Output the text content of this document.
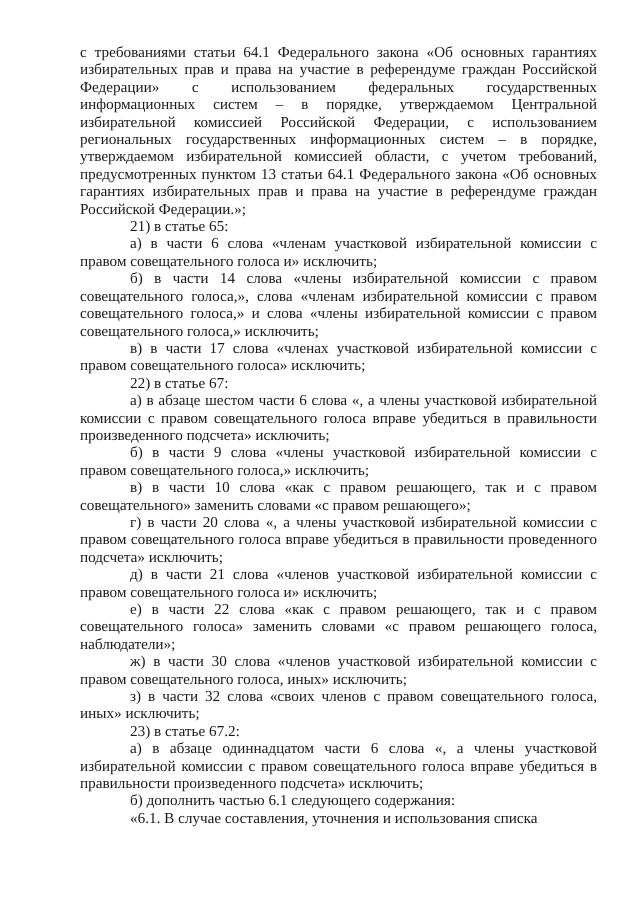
с требованиями статьи 64.1 Федерального закона «Об основных гарантиях избирательных прав и права на участие в референдуме граждан Российской Федерации» с использованием федеральных государственных информационных систем – в порядке, утверждаемом Центральной избирательной комиссией Российской Федерации, с использованием региональных государственных информационных систем – в порядке, утверждаемом избирательной комиссией области, с учетом требований, предусмотренных пунктом 13 статьи 64.1 Федерального закона «Об основных гарантиях избирательных прав и права на участие в референдуме граждан Российской Федерации.»;

21) в статье 65:

а) в части 6 слова «членам участковой избирательной комиссии с правом совещательного голоса и» исключить;

б) в части 14 слова «члены избирательной комиссии с правом совещательного голоса,», слова «членам избирательной комиссии с правом совещательного голоса,» и слова «члены избирательной комиссии с правом совещательного голоса,» исключить;

в) в части 17 слова «членах участковой избирательной комиссии с правом совещательного голоса» исключить;

22) в статье 67:

а) в абзаце шестом части 6 слова «, а члены участковой избирательной комиссии с правом совещательного голоса вправе убедиться в правильности произведенного подсчета» исключить;

б) в части 9 слова «члены участковой избирательной комиссии с правом совещательного голоса,» исключить;

в) в части 10 слова «как с правом решающего, так и с правом совещательного» заменить словами «с правом решающего»;

г) в части 20 слова «, а члены участковой избирательной комиссии с правом совещательного голоса вправе убедиться в правильности проведенного подсчета» исключить;

д) в части 21 слова «членов участковой избирательной комиссии с правом совещательного голоса и» исключить;

е) в части 22 слова «как с правом решающего, так и с правом совещательного голоса» заменить словами «с правом решающего голоса, наблюдатели»;

ж) в части 30 слова «членов участковой избирательной комиссии с правом совещательного голоса, иных» исключить;

з) в части 32 слова «своих членов с правом совещательного голоса, иных» исключить;

23) в статье 67.2:

а) в абзаце одиннадцатом части 6 слова «, а члены участковой избирательной комиссии с правом совещательного голоса вправе убедиться в правильности произведенного подсчета» исключить;

б) дополнить частью 6.1 следующего содержания:

«6.1. В случае составления, уточнения и использования списка
